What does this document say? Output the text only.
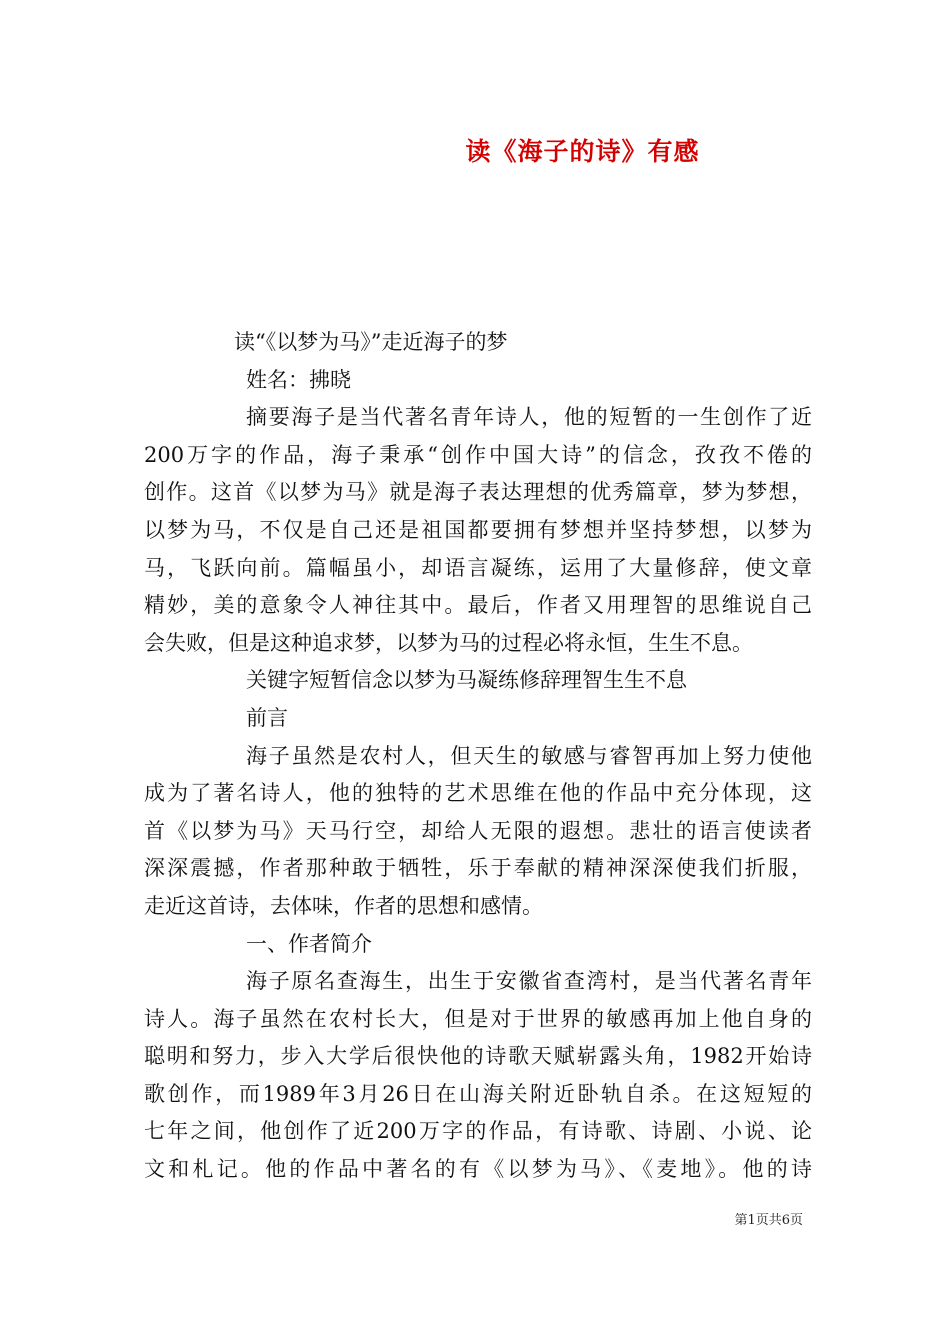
读《海子的诗》有感
读“《以梦为马》”走近海子的梦
姓名：拂晓
摘要海子是当代著名青年诗人，他的短暂的一生创作了近
200万字的作品，海子秉承“创作中国大诗”的信念，孜孜不倦的
创作。这首《以梦为马》就是海子表达理想的优秀篇章，梦为梦想，
以梦为马，不仅是自己还是祖国都要拥有梦想并坚持梦想，以梦为
马，飞跃向前。篇幅虽小，却语言凝练，运用了大量修辞，使文章
精妙，美的意象令人神往其中。最后，作者又用理智的思维说自己
会失败，但是这种追求梦，以梦为马的过程必将永恒，生生不息。
关键字短暂信念以梦为马凝练修辞理智生生不息
前言
海子虽然是农村人，但天生的敏感与睿智再加上努力使他
成为了著名诗人，他的独特的艺术思维在他的作品中充分体现，这
首《以梦为马》天马行空，却给人无限的遐想。悲壮的语言使读者
深深震撼，作者那种敢于牺牲，乐于奉献的精神深深使我们折服，
走近这首诗，去体味，作者的思想和感情。
一、作者简介
海子原名查海生，出生于安徽省查湾村，是当代著名青年
诗人。海子虽然在农村长大，但是对于世界的敏感再加上他自身的
聪明和努力，步入大学后很快他的诗歌天赋崭露头角，1982开始诗
歌创作，而1989年3月26日在山海关附近卧轨自杀。在这短短的
七年之间，他创作了近200万字的作品，有诗歌、诗剧、小说、论
文和札记。他的作品中著名的有《以梦为马》、《麦地》。他的诗
第1页共6页
